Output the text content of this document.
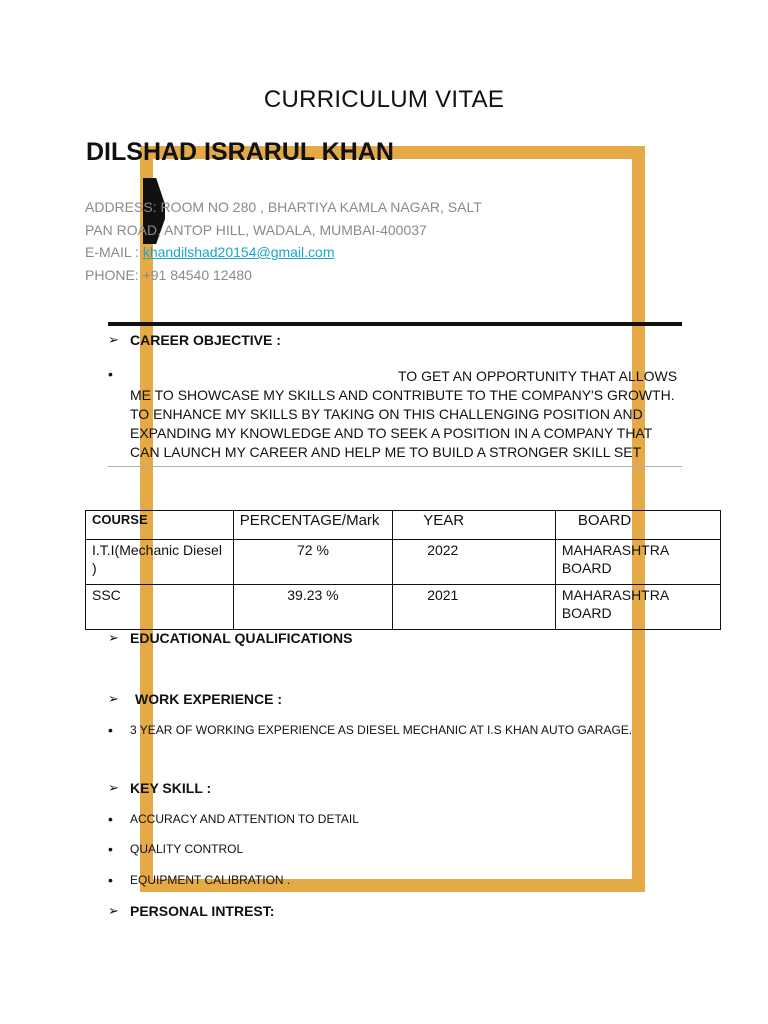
CURRICULUM VITAE
DILSHAD ISRARUL KHAN
ADDRESS: ROOM NO 280 , BHARTIYA KAMLA NAGAR, SALT
PAN ROAD, ANTOP HILL, WADALA, MUMBAI-400037
E-MAIL : khandilshad20154@gmail.com
PHONE: +91 84540 12480
➢ CAREER OBJECTIVE :
•	TO GET AN OPPORTUNITY THAT ALLOWS ME TO SHOWCASE MY SKILLS AND CONTRIBUTE TO THE COMPANY'S GROWTH. TO ENHANCE MY SKILLS BY TAKING ON THIS CHALLENGING POSITION AND EXPANDING MY KNOWLEDGE AND TO SEEK A POSITION IN A COMPANY THAT CAN LAUNCH MY CAREER AND HELP ME TO BUILD A STRONGER SKILL SET
COURSE	PERCENTAGE/Mark	YEAR	BOARD
I.T.I(Mechanic Diesel )	72 %	2022	MAHARASHTRA BOARD
SSC	39.23 %	2021	MAHARASHTRA BOARD
➢ EDUCATIONAL QUALIFICATIONS
➢	WORK EXPERIENCE :
•	3 YEAR OF WORKING EXPERIENCE AS DIESEL MECHANIC AT I.S KHAN AUTO GARAGE.
➢ KEY SKILL :
•	ACCURACY AND ATTENTION TO DETAIL
•	QUALITY CONTROL
•	EQUIPMENT CALIBRATION .
➢ PERSONAL INTREST:
